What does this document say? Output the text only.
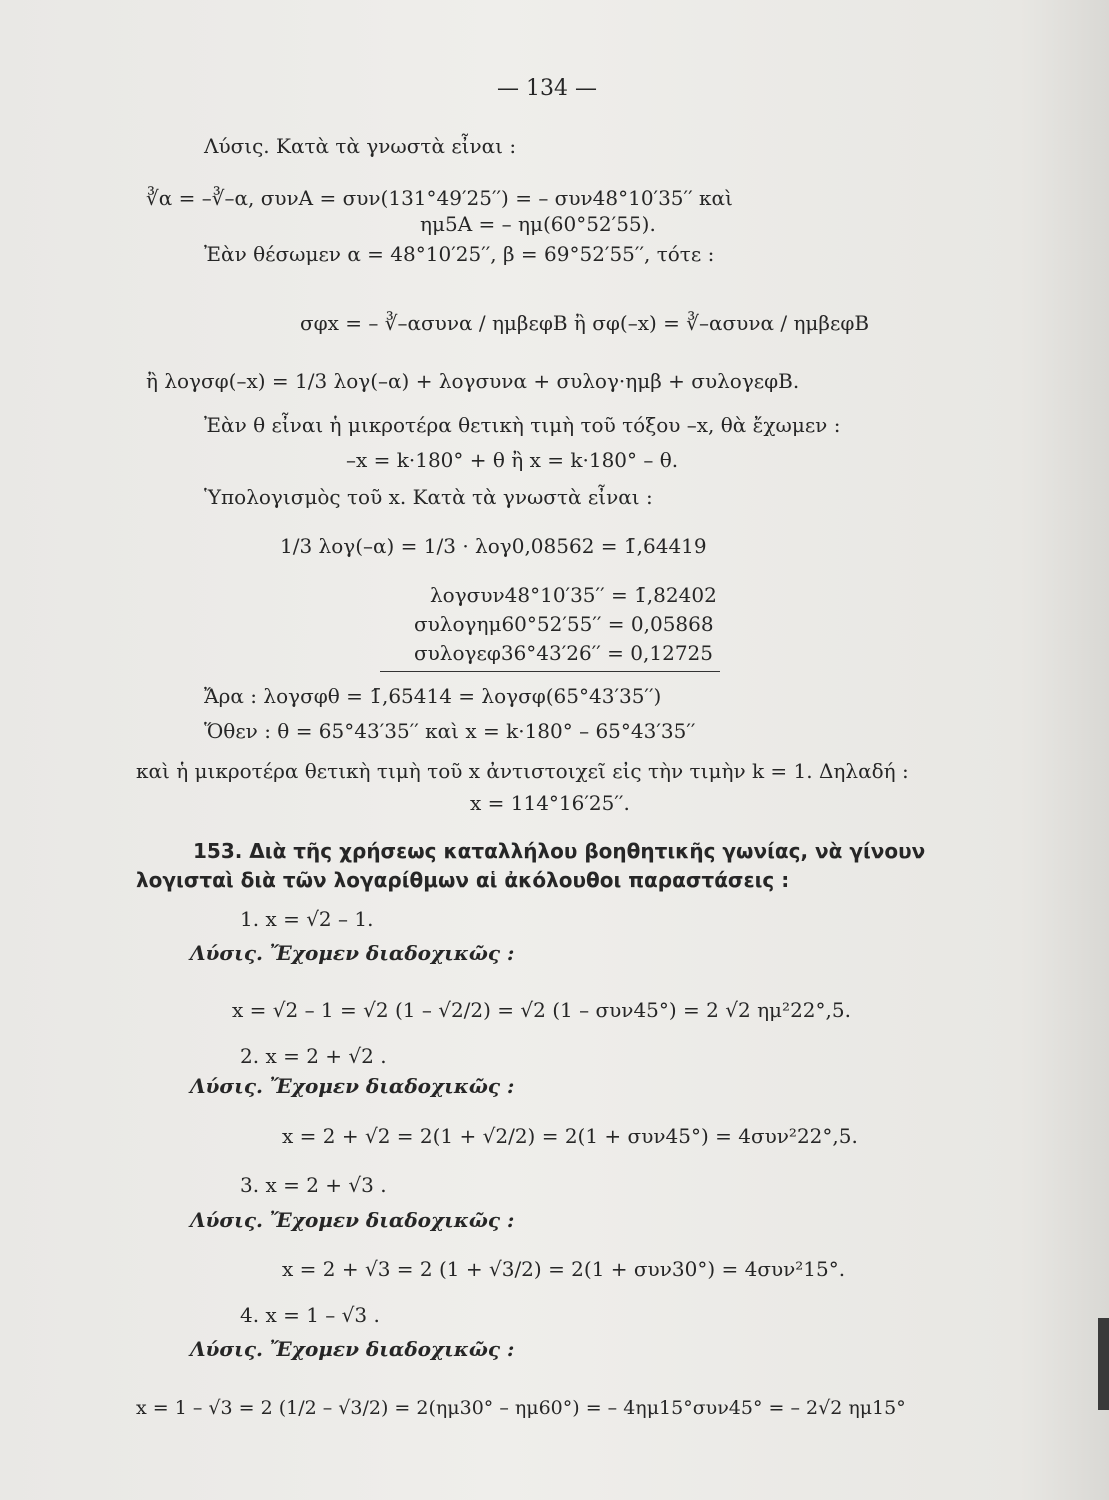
— 134 —
Λύσις. Κατὰ τὰ γνωστὰ εἶναι :
∛α = –∛–α, συνA = συν(131°49′25′′) = – συν48°10′35′′ καὶ
ημ5A = – ημ(60°52′55).
Ἐὰν θέσωμεν α = 48°10′25′′, β = 69°52′55′′, τότε :
σφx = – ∛–ασυνα / ημβεφB ἢ σφ(–x) = ∛–ασυνα / ημβεφB
ἢ λογσφ(–x) = 1/3 λογ(–α) + λογσυνα + συλογ·ημβ + συλογεφB.
Ἐὰν θ εἶναι ἡ μικροτέρα θετικὴ τιμὴ τοῦ τόξου –x, θὰ ἔχωμεν :
–x = k·180° + θ ἢ x = k·180° – θ.
Ὑπολογισμὸς τοῦ x. Κατὰ τὰ γνωστὰ εἶναι :
1/3 λογ(–α) = 1/3 · λογ0,08562 = 1̄,64419
λογσυν48°10′35′′ = 1̄,82402
συλογημ60°52′55′′ = 0,05868
συλογεφ36°43′26′′ = 0,12725
Ἄρα : λογσφθ = 1̄,65414 = λογσφ(65°43′35′′)
Ὅθεν : θ = 65°43′35′′ καὶ x = k·180° – 65°43′35′′
καὶ ἡ μικροτέρα θετικὴ τιμὴ τοῦ x ἀντιστοιχεῖ εἰς τὴν τιμὴν k = 1. Δηλαδή :
x = 114°16′25′′.
153. Διὰ τῆς χρήσεως καταλλήλου βοηθητικῆς γωνίας, νὰ γίνουν
λογισταὶ διὰ τῶν λογαρίθμων αἱ ἀκόλουθοι παραστάσεις :
1. x = √2 – 1.
Λύσις. Ἔχομεν διαδοχικῶς :
x = √2 – 1 = √2 (1 – √2/2) = √2 (1 – συν45°) = 2 √2 ημ²22°,5.
2. x = 2 + √2 .
Λύσις. Ἔχομεν διαδοχικῶς :
x = 2 + √2 = 2(1 + √2/2) = 2(1 + συν45°) = 4συν²22°,5.
3. x = 2 + √3 .
Λύσις. Ἔχομεν διαδοχικῶς :
x = 2 + √3 = 2 (1 + √3/2) = 2(1 + συν30°) = 4συν²15°.
4. x = 1 – √3 .
Λύσις. Ἔχομεν διαδοχικῶς :
x = 1 – √3 = 2 (1/2 – √3/2) = 2(ημ30° – ημ60°) = – 4ημ15°συν45° = – 2√2 ημ15°
